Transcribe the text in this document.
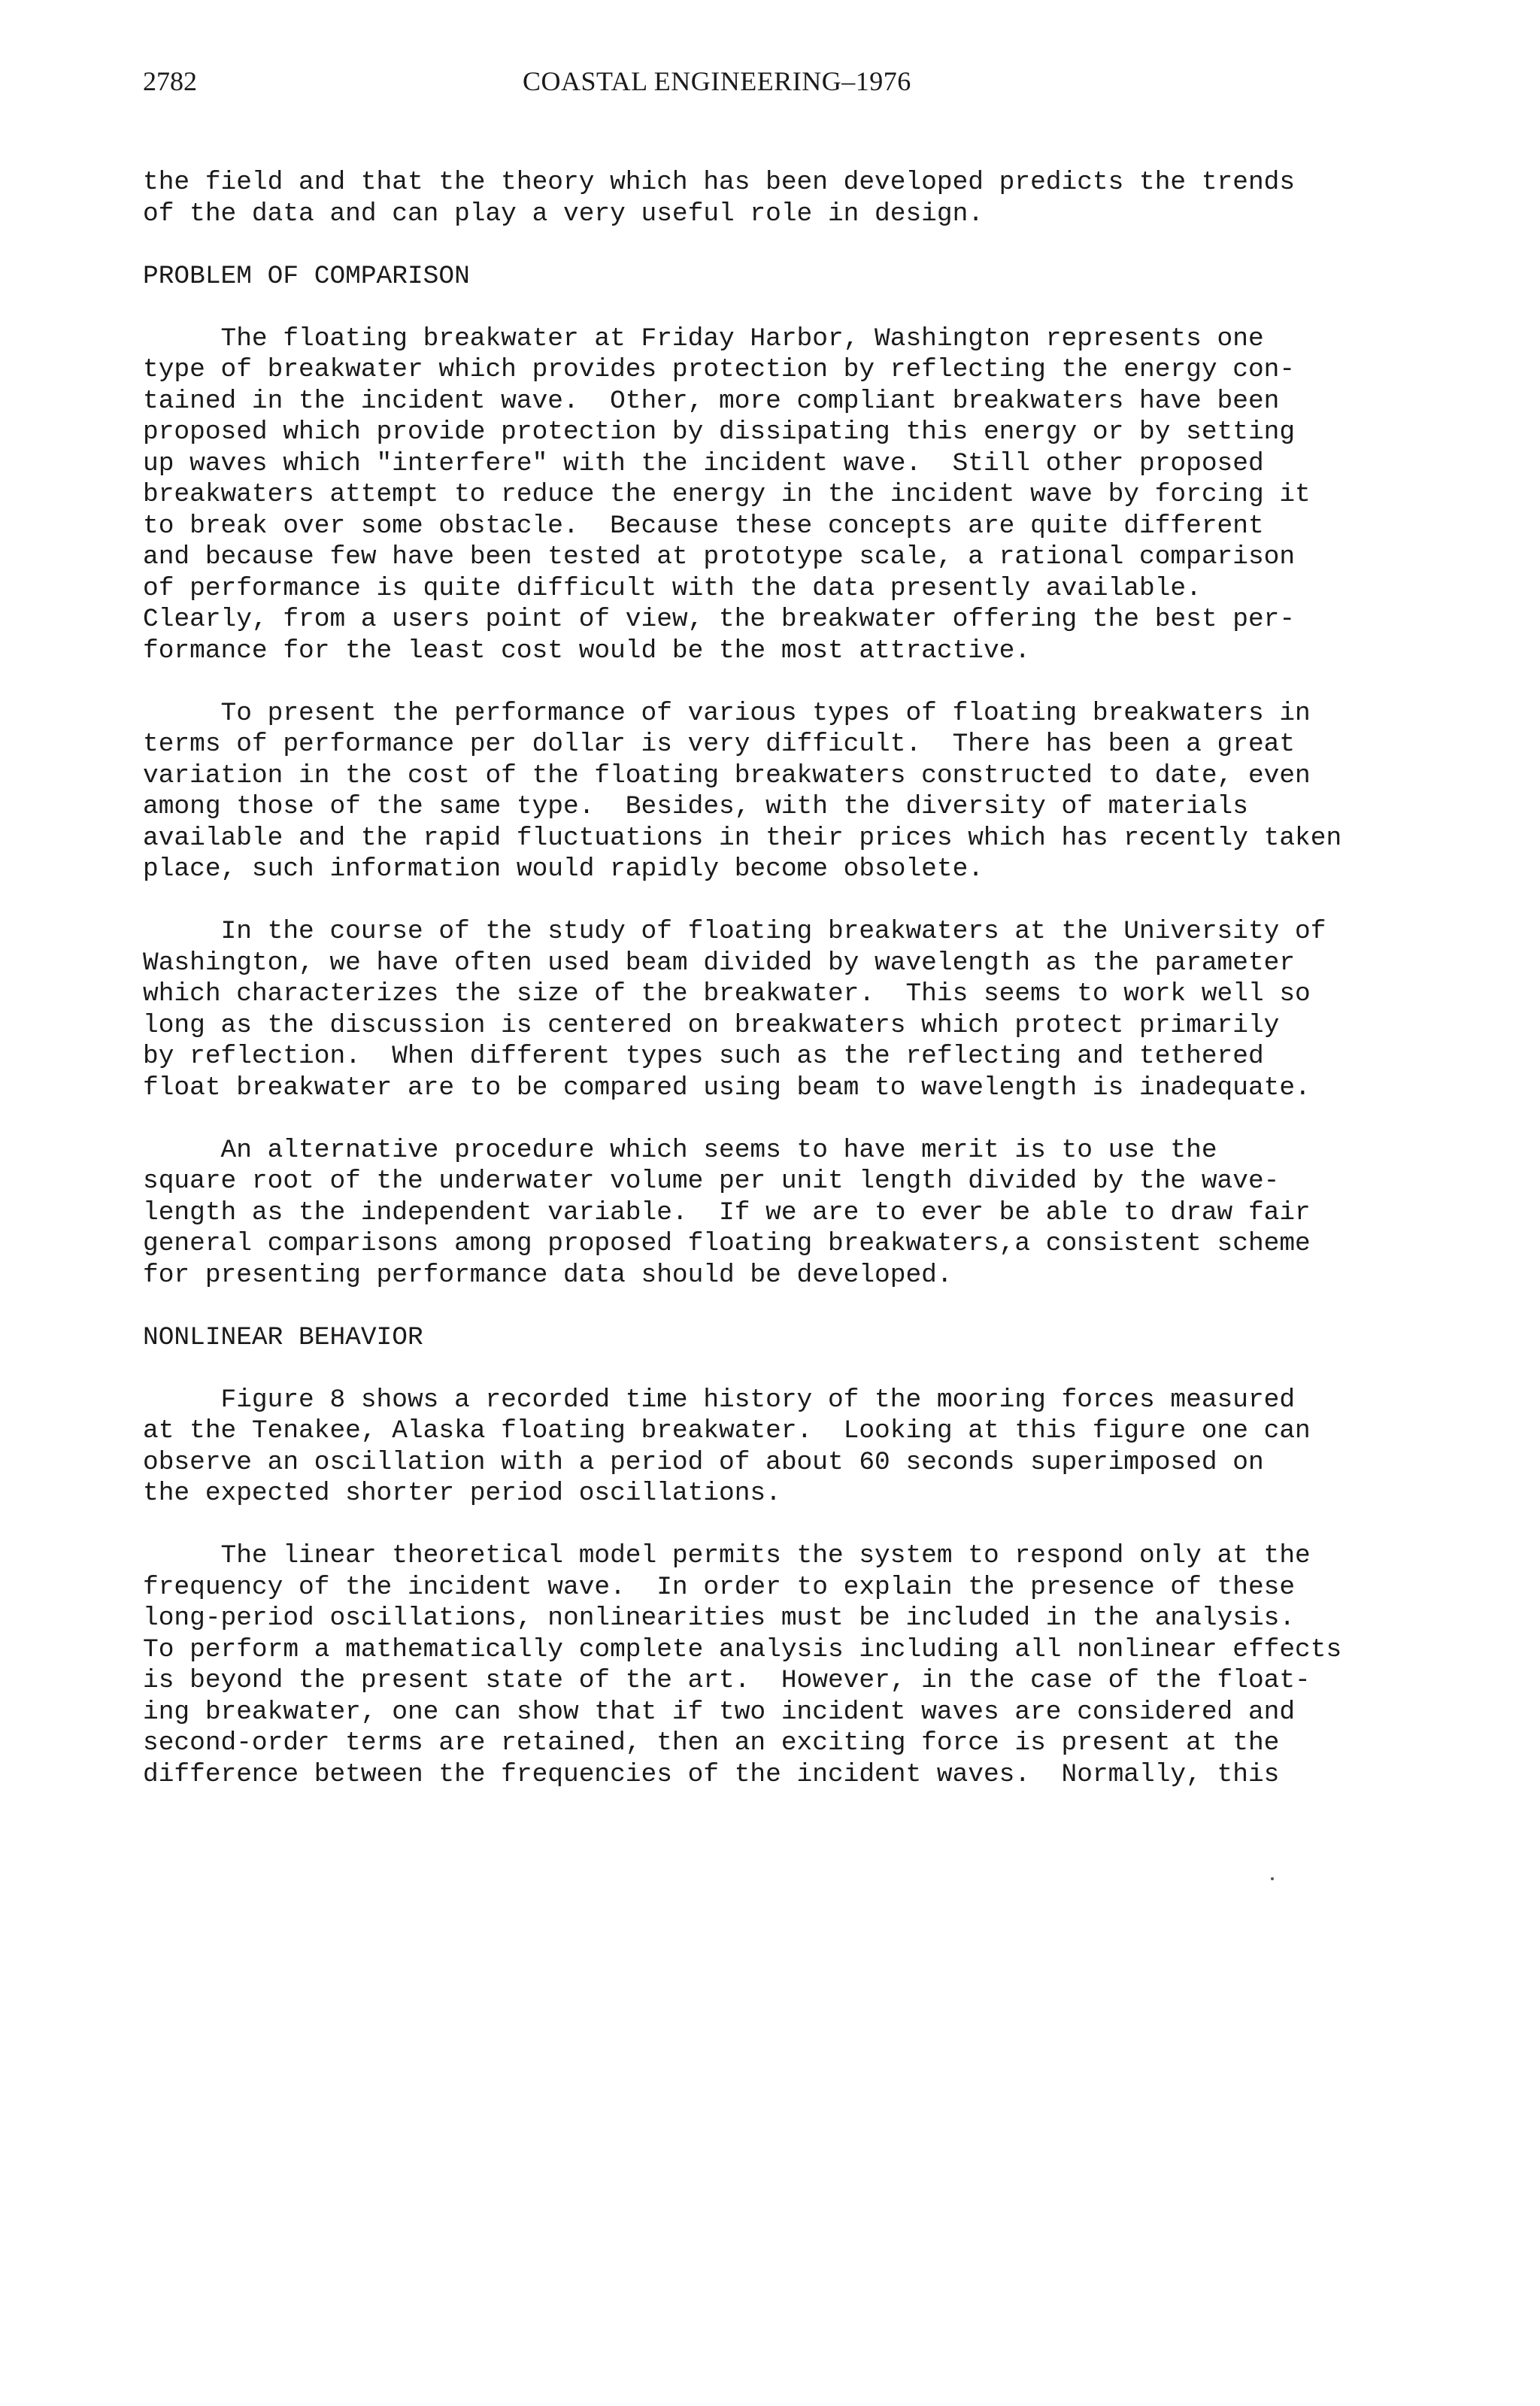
2782	COASTAL ENGINEERING–1976
the field and that the theory which has been developed predicts the trends
of the data and can play a very useful role in design.
PROBLEM OF COMPARISON
The floating breakwater at Friday Harbor, Washington represents one
type of breakwater which provides protection by reflecting the energy con-
tained in the incident wave.  Other, more compliant breakwaters have been
proposed which provide protection by dissipating this energy or by setting
up waves which "interfere" with the incident wave.  Still other proposed
breakwaters attempt to reduce the energy in the incident wave by forcing it
to break over some obstacle.  Because these concepts are quite different
and because few have been tested at prototype scale, a rational comparison
of performance is quite difficult with the data presently available.
Clearly, from a users point of view, the breakwater offering the best per-
formance for the least cost would be the most attractive.
To present the performance of various types of floating breakwaters in
terms of performance per dollar is very difficult.  There has been a great
variation in the cost of the floating breakwaters constructed to date, even
among those of the same type.  Besides, with the diversity of materials
available and the rapid fluctuations in their prices which has recently taken
place, such information would rapidly become obsolete.
In the course of the study of floating breakwaters at the University of
Washington, we have often used beam divided by wavelength as the parameter
which characterizes the size of the breakwater.  This seems to work well so
long as the discussion is centered on breakwaters which protect primarily
by reflection.  When different types such as the reflecting and tethered
float breakwater are to be compared using beam to wavelength is inadequate.
An alternative procedure which seems to have merit is to use the
square root of the underwater volume per unit length divided by the wave-
length as the independent variable.  If we are to ever be able to draw fair
general comparisons among proposed floating breakwaters,a consistent scheme
for presenting performance data should be developed.
NONLINEAR BEHAVIOR
Figure 8 shows a recorded time history of the mooring forces measured
at the Tenakee, Alaska floating breakwater.  Looking at this figure one can
observe an oscillation with a period of about 60 seconds superimposed on
the expected shorter period oscillations.
The linear theoretical model permits the system to respond only at the
frequency of the incident wave.  In order to explain the presence of these
long-period oscillations, nonlinearities must be included in the analysis.
To perform a mathematically complete analysis including all nonlinear effects
is beyond the present state of the art.  However, in the case of the float-
ing breakwater, one can show that if two incident waves are considered and
second-order terms are retained, then an exciting force is present at the
difference between the frequencies of the incident waves.  Normally, this
